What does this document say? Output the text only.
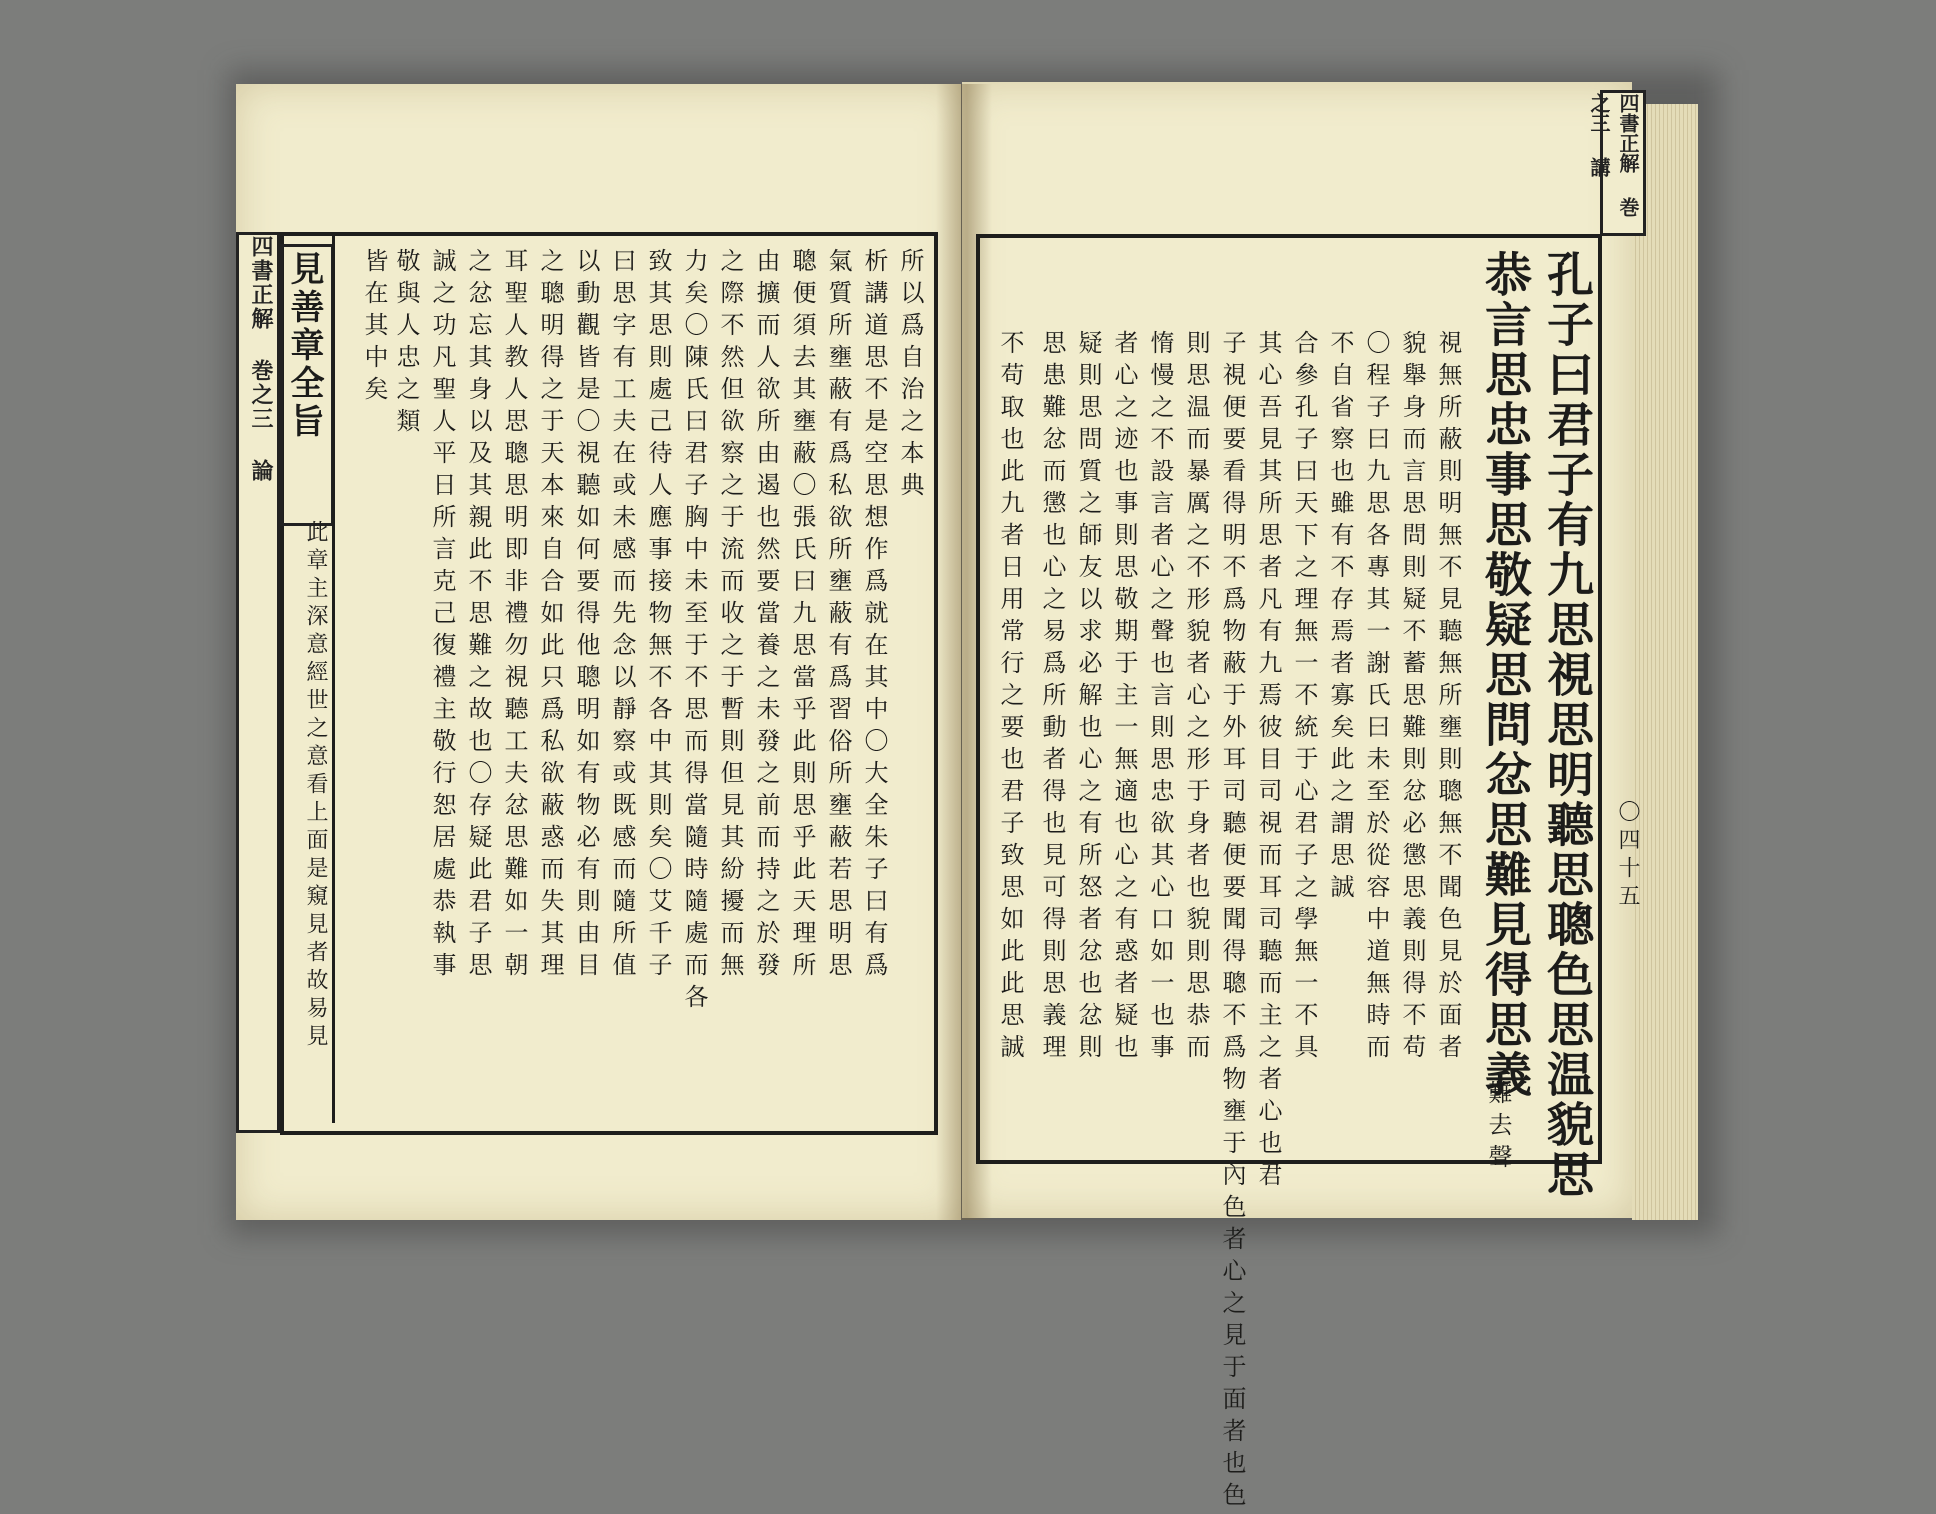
四書正解 巻之三 論
四書正解 巻之三 講
〇四十五
孔子曰君子有九思視思明聽思聰色思温貌思
恭言思忠事思敬疑思問忿思難見得思義
難去聲
視無所蔽則明無不見聽無所壅則聰無不聞色見於面者
貌舉身而言思問則疑不蓄思難則忿必懲思義則得不苟
〇程子曰九思各專其一謝氏曰未至於從容中道無時而
不自省察也雖有不存焉者寡矣此之謂思誠
合參孔子曰天下之理無一不統于心君子之學無一不具
其心吾見其所思者凡有九焉彼目司視而耳司聽而主之者心也君
子視便要看得明不爲物蔽于外耳司聽便要聞得聰不爲物壅于內色者心之見于面者也色
則思温而暴厲之不形貌者心之形于身者也貌則思恭而
惰慢之不設言者心之聲也言則思忠欲其心口如一也事
者心之迹也事則思敬期于主一無適也心之有惑者疑也
疑則思問質之師友以求必解也心之有所怒者忿也忿則
思患難忿而懲也心之易爲所動者得也見可得則思義理
不苟取也此九者日用常行之要也君子致思如此此思誠
所以爲自治之本典
析講道思不是空思想作爲就在其中〇大全朱子曰有爲
氣質所壅蔽有爲私欲所壅蔽有爲習俗所壅蔽若思明思
聰便須去其壅蔽〇張氏曰九思當乎此則思乎此天理所
由擴而人欲所由遏也然要當養之未發之前而持之於發
之際不然但欲察之于流而收之于暫則但見其紛擾而無
力矣〇陳氏曰君子胸中未至于不思而得當隨時隨處而各
致其思則處己待人應事接物無不各中其則矣〇艾千子
曰思字有工夫在或未感而先念以靜察或既感而隨所值
以動觀皆是〇視聽如何要得他聰明如有物必有則由目
之聰明得之于天本來自合如此只爲私欲蔽惑而失其理
耳聖人教人思聰思明即非禮勿視聽工夫忿思難如一朝
之忿忘其身以及其親此不思難之故也〇存疑此君子思
誠之功凡聖人平日所言克己復禮主敬行恕居處恭執事
敬與人忠之類
皆在其中矣
見善章全旨
此章主深意經世之意看上面是窺見者故易見
